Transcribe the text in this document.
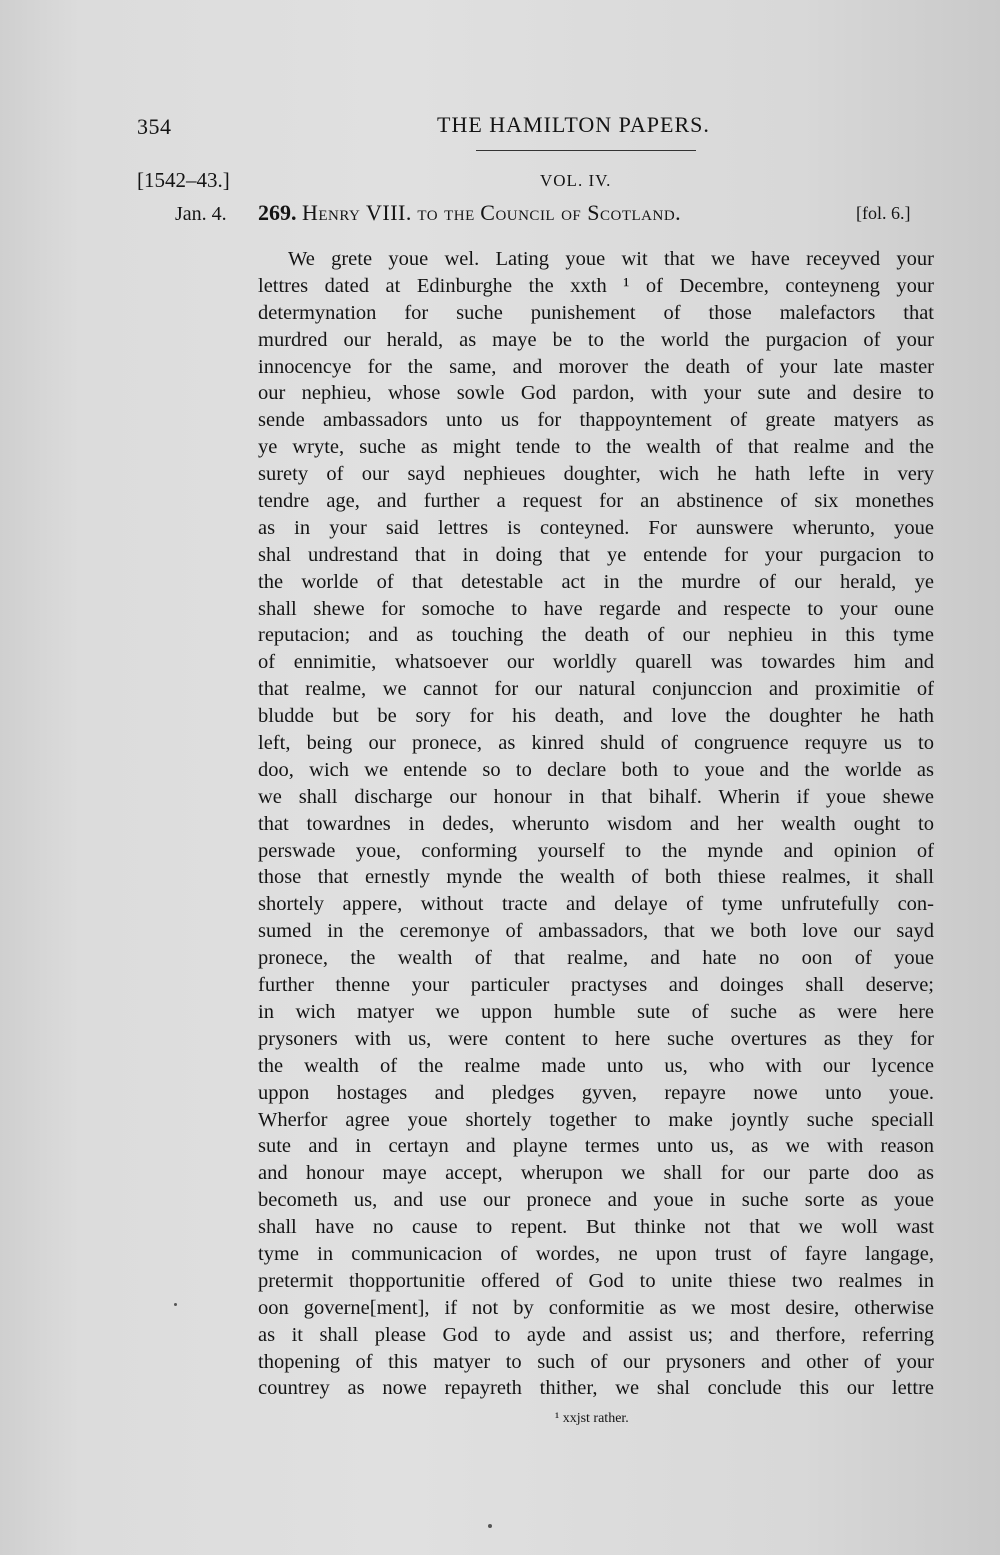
354	THE HAMILTON PAPERS.
[1542–43.]	VOL. IV.
Jan. 4. 269. Henry VIII. to the Council of Scotland.	[fol. 6.]
We grete youe wel. Lating youe wit that we have receyved your
lettres dated at Edinburghe the xxth ¹ of Decembre, conteyneng your
determynation for suche punishement of those malefactors that
murdred our herald, as maye be to the world the purgacion of your
innocencye for the same, and morover the death of your late master
our nephieu, whose sowle God pardon, with your sute and desire to
sende ambassadors unto us for thappoyntement of greate matyers as
ye wryte, suche as might tende to the wealth of that realme and the
surety of our sayd nephieues doughter, wich he hath lefte in very
tendre age, and further a request for an abstinence of six monethes
as in your said lettres is conteyned. For aunswere wherunto, youe
shal undrestand that in doing that ye entende for your purgacion to
the worlde of that detestable act in the murdre of our herald, ye
shall shewe for somoche to have regarde and respecte to your oune
reputacion; and as touching the death of our nephieu in this tyme
of ennimitie, whatsoever our worldly quarell was towardes him and
that realme, we cannot for our natural conjunccion and proximitie of
bludde but be sory for his death, and love the doughter he hath
left, being our pronece, as kinred shuld of congruence requyre us to
doo, wich we entende so to declare both to youe and the worlde as
we shall discharge our honour in that bihalf. Wherin if youe shewe
that towardnes in dedes, wherunto wisdom and her wealth ought to
perswade youe, conforming yourself to the mynde and opinion of
those that ernestly mynde the wealth of both thiese realmes, it shall
shortely appere, without tracte and delaye of tyme unfrutefully con-
sumed in the ceremonye of ambassadors, that we both love our sayd
pronece, the wealth of that realme, and hate no oon of youe
further thenne your particuler practyses and doinges shall deserve;
in wich matyer we uppon humble sute of suche as were here
prysoners with us, were content to here suche overtures as they for
the wealth of the realme made unto us, who with our lycence
uppon hostages and pledges gyven, repayre nowe unto youe.
Wherfor agree youe shortely together to make joyntly suche speciall
sute and in certayn and playne termes unto us, as we with reason
and honour maye accept, wherupon we shall for our parte doo as
becometh us, and use our pronece and youe in suche sorte as youe
shall have no cause to repent. But thinke not that we woll wast
tyme in communicacion of wordes, ne upon trust of fayre langage,
pretermit thopportunitie offered of God to unite thiese two realmes in
oon governe[ment], if not by conformitie as we most desire, otherwise
as it shall please God to ayde and assist us; and therfore, referring
thopening of this matyer to such of our prysoners and other of your
countrey as nowe repayreth thither, we shal conclude this our lettre
¹ xxjst rather.
